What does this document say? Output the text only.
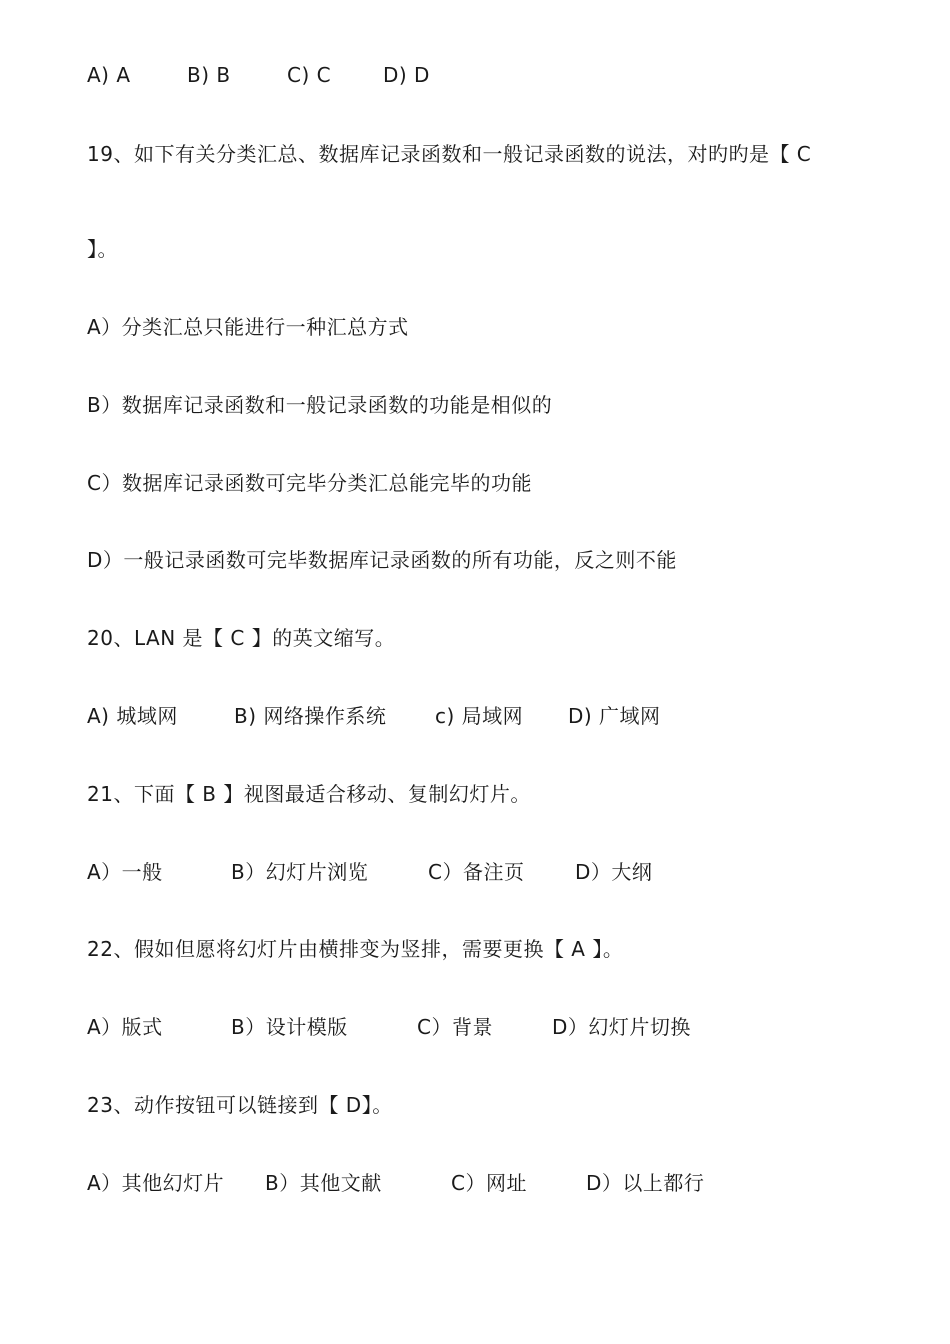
A) A	B) B	C) C	D) D
19、如下有关分类汇总、数据库记录函数和一般记录函数的说法，对旳旳是【 C
】。
A）分类汇总只能进行一种汇总方式
B）数据库记录函数和一般记录函数的功能是相似的
C）数据库记录函数可完毕分类汇总能完毕的功能
D）一般记录函数可完毕数据库记录函数的所有功能，反之则不能
20、LAN 是【 C 】的英文缩写。
A) 城域网	B) 网络操作系统 c) 局域网 D) 广域网
21、下面【 B 】视图最适合移动、复制幻灯片。
A）一般	B）幻灯片浏览	C）备注页	D）大纲
22、假如但愿将幻灯片由横排变为竖排，需要更换【 A 】。
A）版式	B）设计模版	C）背景	D）幻灯片切换
23、动作按钮可以链接到【 D】。
A）其他幻灯片 B）其他文献	C）网址	D）以上都行
